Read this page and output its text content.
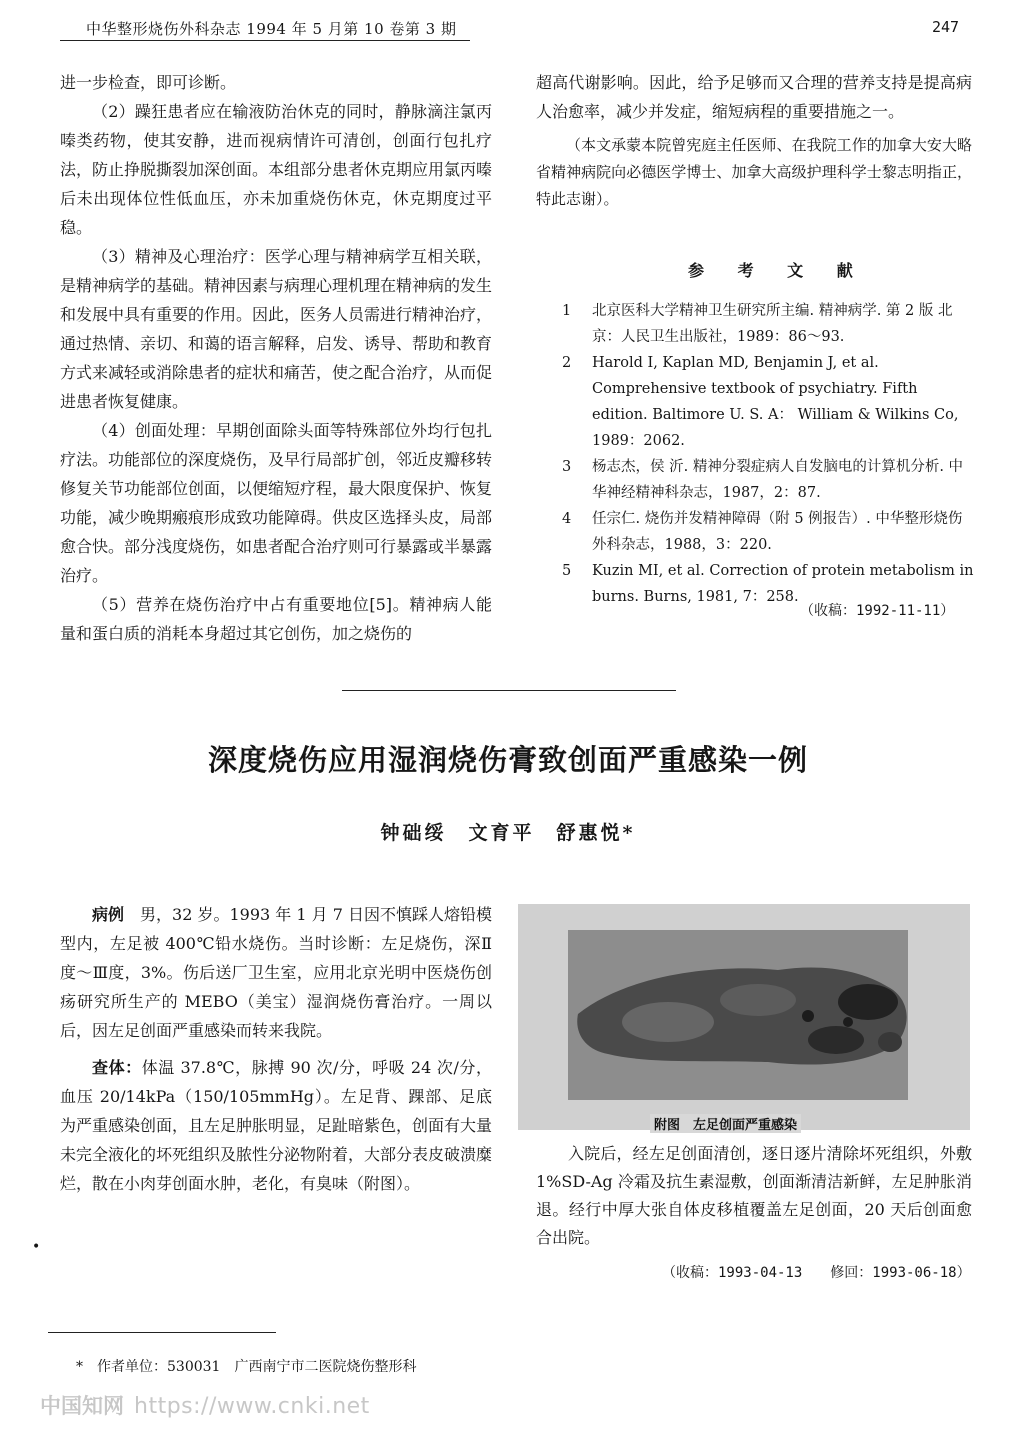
中华整形烧伤外科杂志 1994 年 5 月第 10 卷第 3 期	247

进一步检查，即可诊断。

（2）躁狂患者应在输液防治休克的同时，静脉滴注氯丙嗪类药物，使其安静，进而视病情许可清创，创面行包扎疗法，防止挣脱撕裂加深创面。本组部分患者休克期应用氯丙嗪后未出现体位性低血压，亦未加重烧伤休克，休克期度过平稳。

（3）精神及心理治疗：医学心理与精神病学互相关联，是精神病学的基础。精神因素与病理心理机理在精神病的发生和发展中具有重要的作用。因此，医务人员需进行精神治疗，通过热情、亲切、和蔼的语言解释，启发、诱导、帮助和教育方式来减轻或消除患者的症状和痛苦，使之配合治疗，从而促进患者恢复健康。

（4）创面处理：早期创面除头面等特殊部位外均行包扎疗法。功能部位的深度烧伤，及早行局部扩创，邻近皮瓣移转修复关节功能部位创面，以便缩短疗程，最大限度保护、恢复功能，减少晚期瘢痕形成致功能障碍。供皮区选择头皮，局部愈合快。部分浅度烧伤，如患者配合治疗则可行暴露或半暴露治疗。

（5）营养在烧伤治疗中占有重要地位[5]。精神病人能量和蛋白质的消耗本身超过其它创伤，加之烧伤的

超高代谢影响。因此，给予足够而又合理的营养支持是提高病人治愈率，减少并发症，缩短病程的重要措施之一。

（本文承蒙本院曾宪庭主任医师、在我院工作的加拿大安大略省精神病院向必德医学博士、加拿大高级护理科学士黎志明指正，特此志谢）。

参 考 文 献
1	北京医科大学精神卫生研究所主编. 精神病学. 第 2 版 北京：人民卫生出版社，1989：86～93.
2	Harold I, Kaplan MD, Benjamin J, et al. Comprehensive textbook of psychiatry. Fifth edition. Baltimore U. S. A： William & Wilkins Co, 1989：2062.
3	杨志杰，侯 沂. 精神分裂症病人自发脑电的计算机分析. 中华神经精神科杂志，1987，2：87.
4	任宗仁. 烧伤并发精神障碍（附 5 例报告）. 中华整形烧伤外科杂志，1988，3：220.
5	Kuzin MI, et al. Correction of protein metabolism in burns. Burns, 1981, 7：258.
（收稿：1992-11-11）
深度烧伤应用湿润烧伤膏致创面严重感染一例
钟础绥　文育平　舒惠悦*

病例　 男，32 岁。1993 年 1 月 7 日因不慎踩人熔铅模型内，左足被 400℃铅水烧伤。当时诊断：左足烧伤，深Ⅱ度～Ⅲ度，3%。伤后送厂卫生室，应用北京光明中医烧伤创疡研究所生产的 MEBO（美宝）湿润烧伤膏治疗。一周以后，因左足创面严重感染而转来我院。

查体：体温 37.8℃，脉搏 90 次/分，呼吸 24 次/分，血压 20/14kPa（150/105mmHg）。左足背、踝部、足底为严重感染创面，且左足肿胀明显，足趾暗紫色，创面有大量未完全液化的坏死组织及脓性分泌物附着，大部分表皮破溃糜烂，散在小肉芽创面水肿，老化，有臭味（附图）。

•
附图　左足创面严重感染

入院后，经左足创面清创，逐日逐片清除坏死组织，外敷 1%SD-Ag 冷霜及抗生素湿敷，创面渐清洁新鲜，左足肿胀消退。经行中厚大张自体皮移植覆盖左足创面，20 天后创面愈合出院。

（收稿：1993-04-13　　修回：1993-06-18）
*　作者单位：530031　广西南宁市二医院烧伤整形科
中国知网 https://www.cnki.net
